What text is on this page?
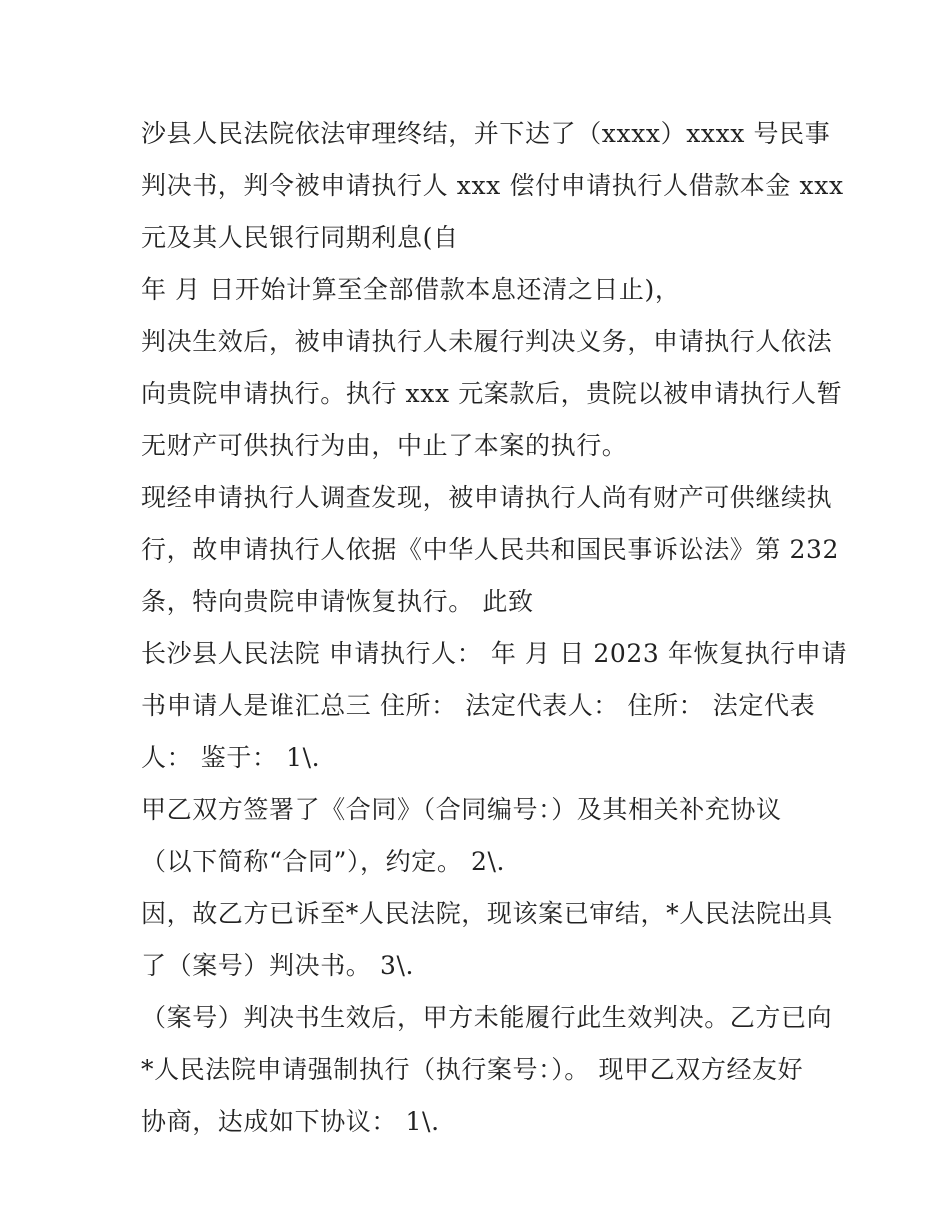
沙县人民法院依法审理终结，并下达了（xxxx）xxxx 号民事
判决书，判令被申请执行人 xxx 偿付申请执行人借款本金 xxx
元及其人民银行同期利息(自
年 月 日开始计算至全部借款本息还清之日止)，
判决生效后，被申请执行人未履行判决义务，申请执行人依法
向贵院申请执行。执行 xxx 元案款后，贵院以被申请执行人暂
无财产可供执行为由，中止了本案的执行。
现经申请执行人调查发现，被申请执行人尚有财产可供继续执
行，故申请执行人依据《中华人民共和国民事诉讼法》第 232
条，特向贵院申请恢复执行。 此致
长沙县人民法院 申请执行人： 年 月 日 2023 年恢复执行申请
书申请人是谁汇总三 住所： 法定代表人： 住所： 法定代表
人： 鉴于： 1\.
甲乙双方签署了《合同》（合同编号：）及其相关补充协议
（以下简称“合同”），约定。 2\.
因，故乙方已诉至*人民法院，现该案已审结，*人民法院出具
了（案号）判决书。 3\.
（案号）判决书生效后，甲方未能履行此生效判决。乙方已向
*人民法院申请强制执行（执行案号：）。 现甲乙双方经友好
协商，达成如下协议： 1\.
